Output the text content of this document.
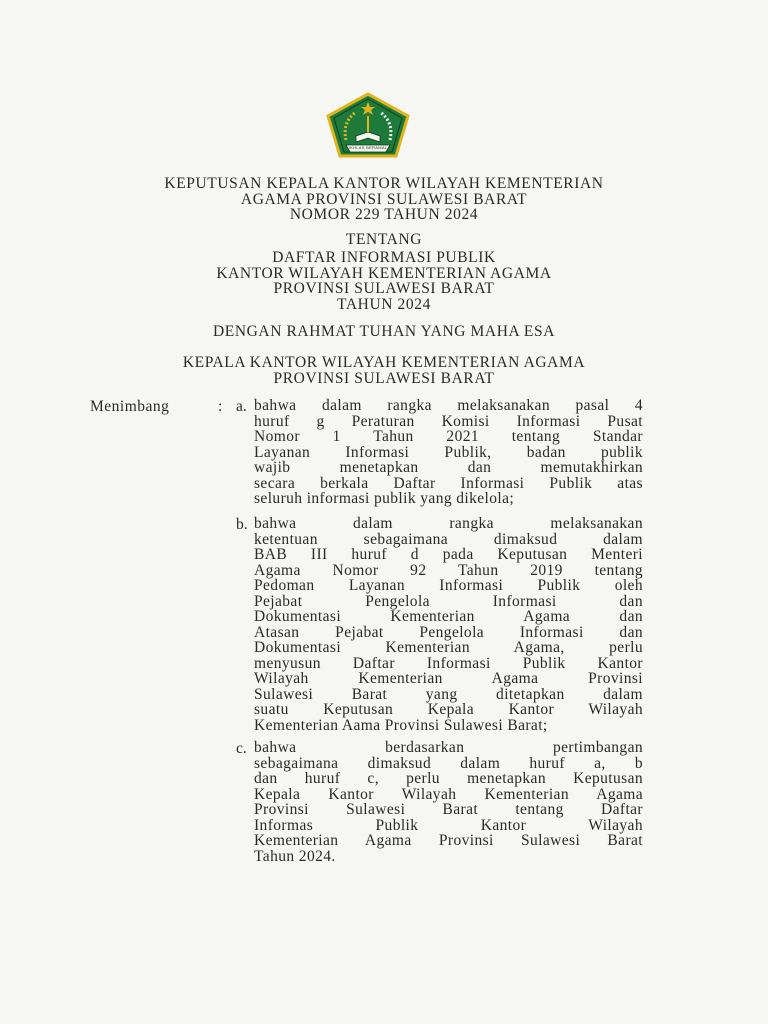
IKHLAS BERAMAL
KEPUTUSAN KEPALA KANTOR WILAYAH KEMENTERIAN
AGAMA PROVINSI SULAWESI BARAT
NOMOR 229 TAHUN 2024
TENTANG
DAFTAR INFORMASI PUBLIK
KANTOR WILAYAH KEMENTERIAN AGAMA
PROVINSI SULAWESI BARAT
TAHUN 2024
DENGAN RAHMAT TUHAN YANG MAHA ESA
KEPALA KANTOR WILAYAH KEMENTERIAN AGAMA
PROVINSI SULAWESI BARAT
Menimbang	: a. bahwa dalam rangka melaksanakan pasal 4
huruf g Peraturan Komisi Informasi Pusat
Nomor 1 Tahun 2021 tentang Standar
Layanan Informasi Publik, badan publik
wajib menetapkan dan memutakhirkan
secara berkala Daftar Informasi Publik atas
seluruh informasi publik yang dikelola;
b. bahwa dalam rangka melaksanakan
ketentuan sebagaimana dimaksud dalam
BAB III huruf d pada Keputusan Menteri
Agama Nomor 92 Tahun 2019 tentang
Pedoman Layanan Informasi Publik oleh
Pejabat Pengelola Informasi dan
Dokumentasi Kementerian Agama dan
Atasan Pejabat Pengelola Informasi dan
Dokumentasi Kementerian Agama, perlu
menyusun Daftar Informasi Publik Kantor
Wilayah Kementerian Agama Provinsi
Sulawesi Barat yang ditetapkan dalam
suatu Keputusan Kepala Kantor Wilayah
Kementerian Aama Provinsi Sulawesi Barat;
c. bahwa berdasarkan pertimbangan
sebagaimana dimaksud dalam huruf a, b
dan huruf c, perlu menetapkan Keputusan
Kepala Kantor Wilayah Kementerian Agama
Provinsi Sulawesi Barat tentang Daftar
Informas Publik Kantor Wilayah
Kementerian Agama Provinsi Sulawesi Barat
Tahun 2024.
